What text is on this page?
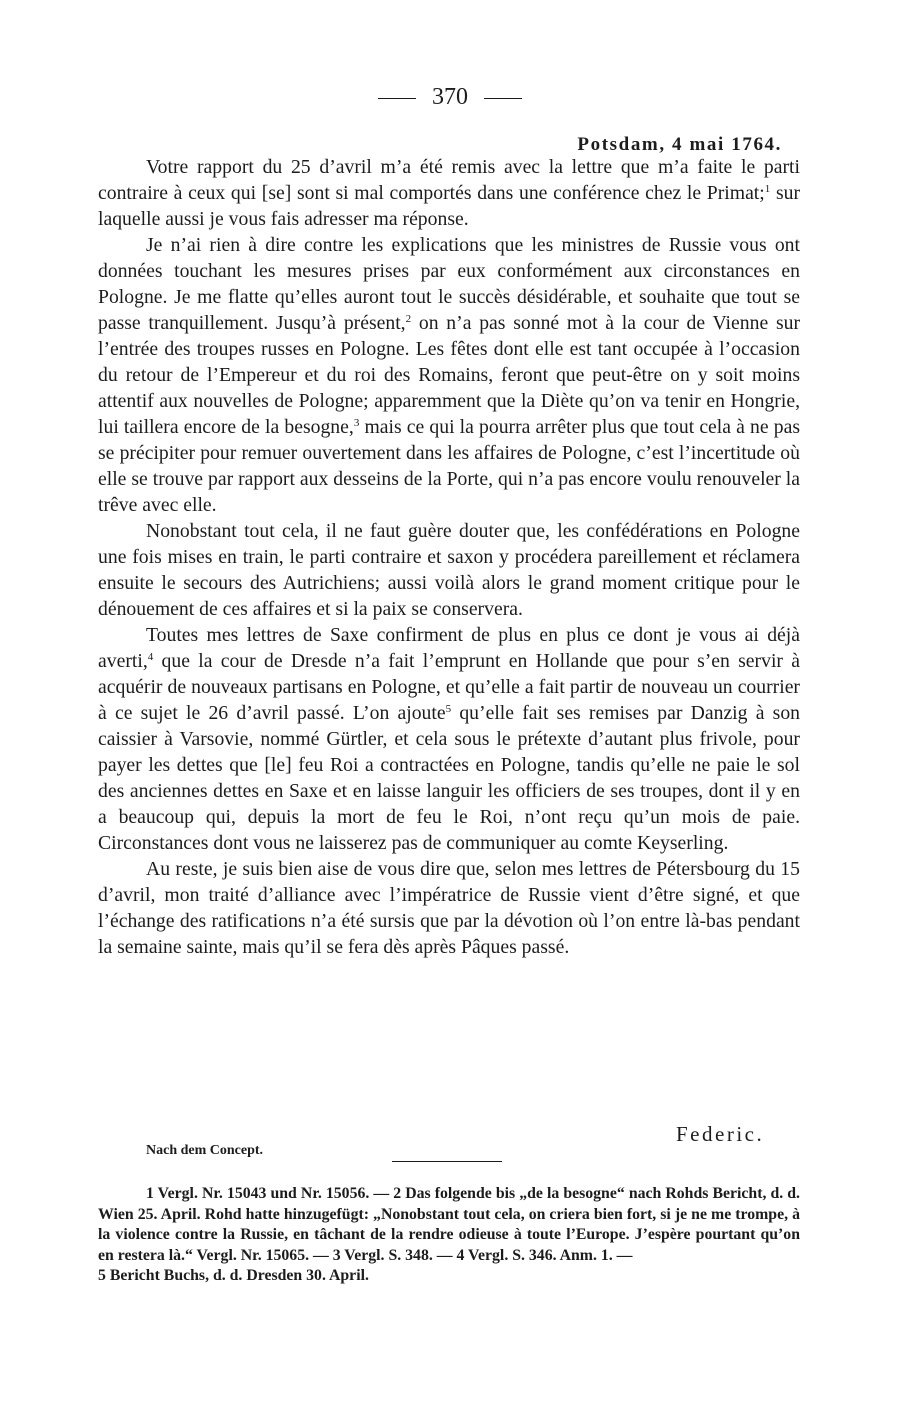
370
Potsdam, 4 mai 1764.

Votre rapport du 25 d’avril m’a été remis avec la lettre que m’a faite le parti contraire à ceux qui [se] sont si mal comportés dans une conférence chez le Primat;$^1$ sur laquelle aussi je vous fais adresser ma réponse.

Je n’ai rien à dire contre les explications que les ministres de Russie vous ont données touchant les mesures prises par eux conformément aux circonstances en Pologne. Je me flatte qu’elles auront tout le succès désidérable, et souhaite que tout se passe tranquillement. Jusqu’à présent,$^2$ on n’a pas sonné mot à la cour de Vienne sur l’entrée des troupes russes en Pologne. Les fêtes dont elle est tant occupée à l’occasion du retour de l’Empereur et du roi des Romains, feront que peut-être on y soit moins attentif aux nouvelles de Pologne; apparemment que la Diète qu’on va tenir en Hongrie, lui taillera encore de la besogne,$^3$ mais ce qui la pourra arrêter plus que tout cela à ne pas se précipiter pour remuer ouvertement dans les affaires de Pologne, c’est l’incertitude où elle se trouve par rapport aux desseins de la Porte, qui n’a pas encore voulu renouveler la trêve avec elle.

Nonobstant tout cela, il ne faut guère douter que, les confédérations en Pologne une fois mises en train, le parti contraire et saxon y procédera pareillement et réclamera ensuite le secours des Autrichiens; aussi voilà alors le grand moment critique pour le dénouement de ces affaires et si la paix se conservera.

Toutes mes lettres de Saxe confirment de plus en plus ce dont je vous ai déjà averti,$^4$ que la cour de Dresde n’a fait l’emprunt en Hollande que pour s’en servir à acquérir de nouveaux partisans en Pologne, et qu’elle a fait partir de nouveau un courrier à ce sujet le 26 d’avril passé. L’on ajoute$^5$ qu’elle fait ses remises par Danzig à son caissier à Varsovie, nommé Gürtler, et cela sous le prétexte d’autant plus frivole, pour payer les dettes que [le] feu Roi a contractées en Pologne, tandis qu’elle ne paie le sol des anciennes dettes en Saxe et en laisse languir les officiers de ses troupes, dont il y en a beaucoup qui, depuis la mort de feu le Roi, n’ont reçu qu’un mois de paie. Circonstances dont vous ne laisserez pas de communiquer au comte Keyserling.

Au reste, je suis bien aise de vous dire que, selon mes lettres de Pétersbourg du 15 d’avril, mon traité d’alliance avec l’impératrice de Russie vient d’être signé, et que l’échange des ratifications n’a été sursis que par la dévotion où l’on entre là-bas pendant la semaine sainte, mais qu’il se fera dès après Pâques passé.

Federic.
Nach dem Concept.

1 Vergl. Nr. 15043 und Nr. 15056. — 2 Das folgende bis „de la besogne“ nach Rohds Bericht, d. d. Wien 25. April. Rohd hatte hinzugefügt: „Nonobstant tout cela, on criera bien fort, si je ne me trompe, à la violence contre la Russie, en tâchant de la rendre odieuse à toute l’Europe. J’espère pourtant qu’on en restera là.“ Vergl. Nr. 15065. — 3 Vergl. S. 348. — 4 Vergl. S. 346. Anm. 1. —

5 Bericht Buchs, d. d. Dresden 30. April.
